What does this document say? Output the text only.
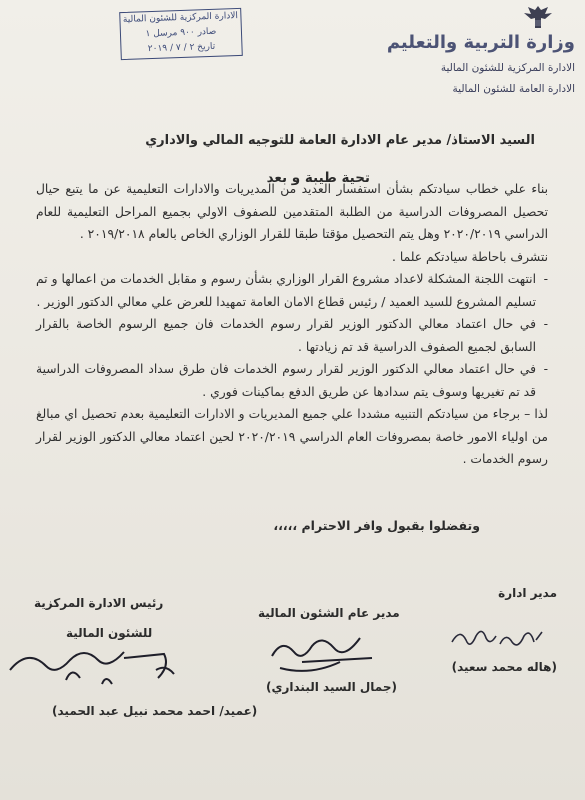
وزارة التربية والتعليم
الادارة المركزية للشئون المالية
الادارة العامة للشئون المالية
الادارة المركزية للشئون المالية
صادر ٩٠٠ مرسل ١
تاريخ ٢ / ٧ / ٢٠١٩
السيد الاستاذ/ مدير عام الادارة العامة للتوجيه المالي والاداري
تحية طيبة و بعد

بناء علي خطاب سيادتكم بشأن استفسار العديد من المديريات والادارات التعليمية عن ما يتبع حيال تحصيل المصروفات الدراسية من الطلبة المتقدمين للصفوف الاولي بجميع المراحل التعليمية للعام الدراسي ٢٠٢٠/٢٠١٩ وهل يتم التحصيل مؤقتا طبقا للقرار الوزاري الخاص بالعام ٢٠١٩/٢٠١٨ .

نتشرف باحاطة سيادتكم علما .

- انتهت اللجنة المشكلة لاعداد مشروع القرار الوزاري بشأن رسوم و مقابل الخدمات من اعمالها و تم تسليم المشروع للسيد العميد / رئيس قطاع الامان العامة تمهيدا للعرض علي معالي الدكتور الوزير .

- في حال اعتماد معالي الدكتور الوزير لقرار رسوم الخدمات فان جميع الرسوم الخاصة بالقرار السابق لجميع الصفوف الدراسية قد تم زيادتها .

- في حال اعتماد معالي الدكتور الوزير لقرار رسوم الخدمات فان طرق سداد المصروفات الدراسية قد تم تغيريها وسوف يتم سدادها عن طريق الدفع بماكينات فوري .

لذا – برجاء من سيادتكم التنبيه مشددا علي جميع المديريات و الادارات التعليمية بعدم تحصيل اي مبالغ من اولياء الامور خاصة بمصروفات العام الدراسي ٢٠٢٠/٢٠١٩ لحين اعتماد معالي الدكتور الوزير لقرار رسوم الخدمات .

وتفضلوا بقبول وافر الاحترام ،،،،،
مدير ادارة
(هاله محمد سعيد)
مدير عام الشئون المالية
(جمال السيد البنداري)
رئيس الادارة المركزية
للشئون المالية
(عميد/ احمد محمد نبيل عبد الحميد)
